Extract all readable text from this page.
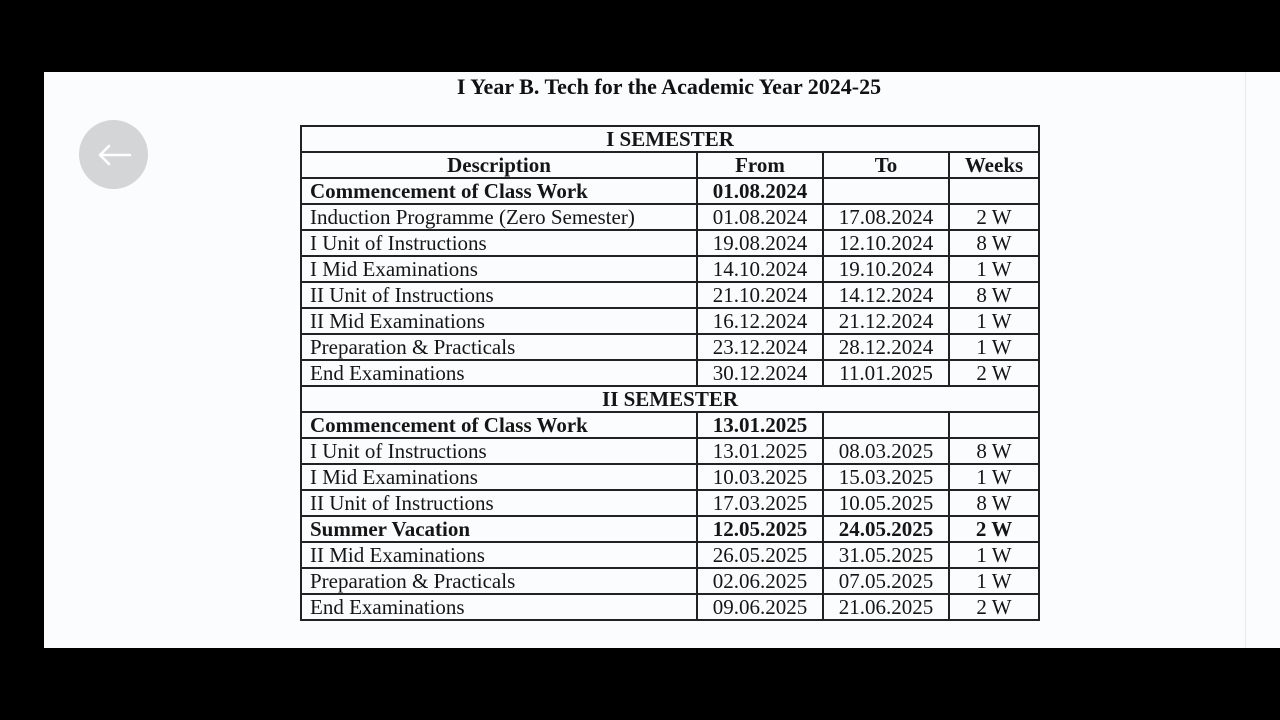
I Year B. Tech for the Academic Year 2024-25
I SEMESTER			
Description	From	To	Weeks
Commencement of Class Work	01.08.2024		
Induction Programme (Zero Semester)	01.08.2024	17.08.2024	2 W
I Unit of Instructions	19.08.2024	12.10.2024	8 W
I Mid Examinations	14.10.2024	19.10.2024	1 W
II Unit of Instructions	21.10.2024	14.12.2024	8 W
II Mid Examinations	16.12.2024	21.12.2024	1 W
Preparation & Practicals	23.12.2024	28.12.2024	1 W
End Examinations	30.12.2024	11.01.2025	2 W
II SEMESTER			
Commencement of Class Work	13.01.2025		
I Unit of Instructions	13.01.2025	08.03.2025	8 W
I Mid Examinations	10.03.2025	15.03.2025	1 W
II Unit of Instructions	17.03.2025	10.05.2025	8 W
Summer Vacation	12.05.2025	24.05.2025	2 W
II Mid Examinations	26.05.2025	31.05.2025	1 W
Preparation & Practicals	02.06.2025	07.05.2025	1 W
End Examinations	09.06.2025	21.06.2025	2 W
